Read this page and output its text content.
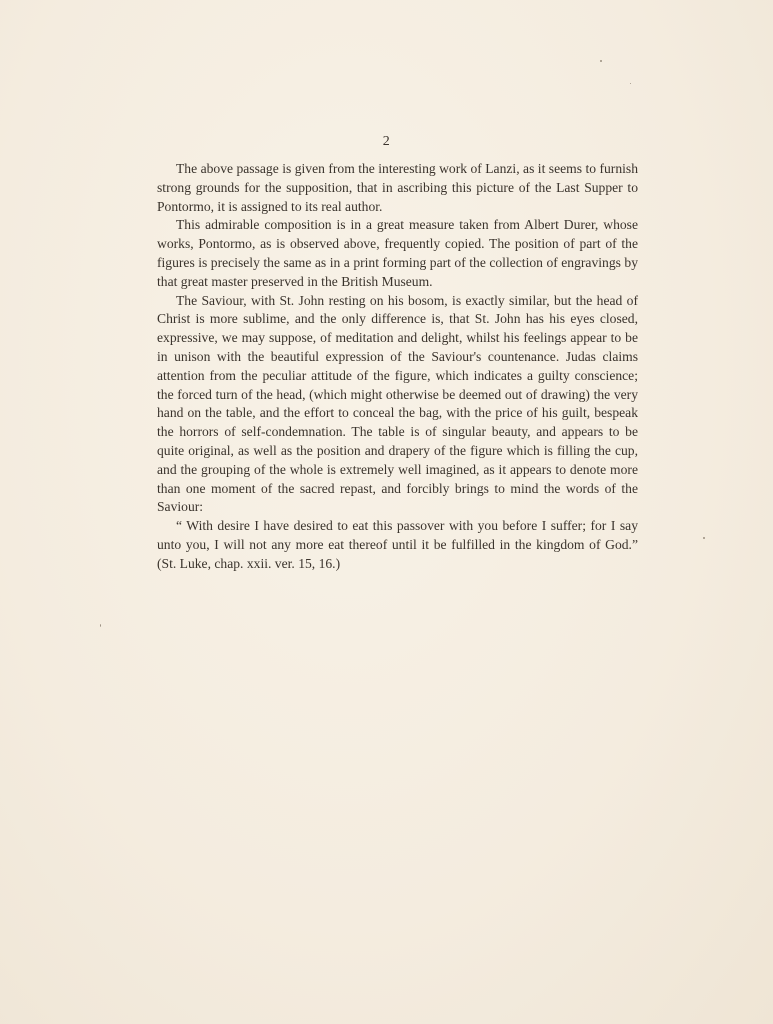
2

The above passage is given from the interesting work of Lanzi, as it seems to furnish strong grounds for the supposition, that in ascribing this picture of the Last Supper to Pontormo, it is assigned to its real author.

This admirable composition is in a great measure taken from Albert Durer, whose works, Pontormo, as is observed above, frequently copied. The position of part of the figures is precisely the same as in a print forming part of the collection of engravings by that great master preserved in the British Museum.

The Saviour, with St. John resting on his bosom, is exactly similar, but the head of Christ is more sublime, and the only difference is, that St. John has his eyes closed, expressive, we may suppose, of meditation and delight, whilst his feelings appear to be in unison with the beautiful expression of the Saviour's countenance. Judas claims attention from the peculiar attitude of the figure, which indicates a guilty conscience; the forced turn of the head, (which might otherwise be deemed out of drawing) the very hand on the table, and the effort to conceal the bag, with the price of his guilt, bespeak the horrors of self-condemnation. The table is of singular beauty, and appears to be quite original, as well as the position and drapery of the figure which is filling the cup, and the grouping of the whole is extremely well imagined, as it appears to denote more than one moment of the sacred repast, and forcibly brings to mind the words of the Saviour:

“ With desire I have desired to eat this passover with you before I suffer; for I say unto you, I will not any more eat thereof until it be fulfilled in the kingdom of God.” (St. Luke, chap. xxii. ver. 15, 16.)
